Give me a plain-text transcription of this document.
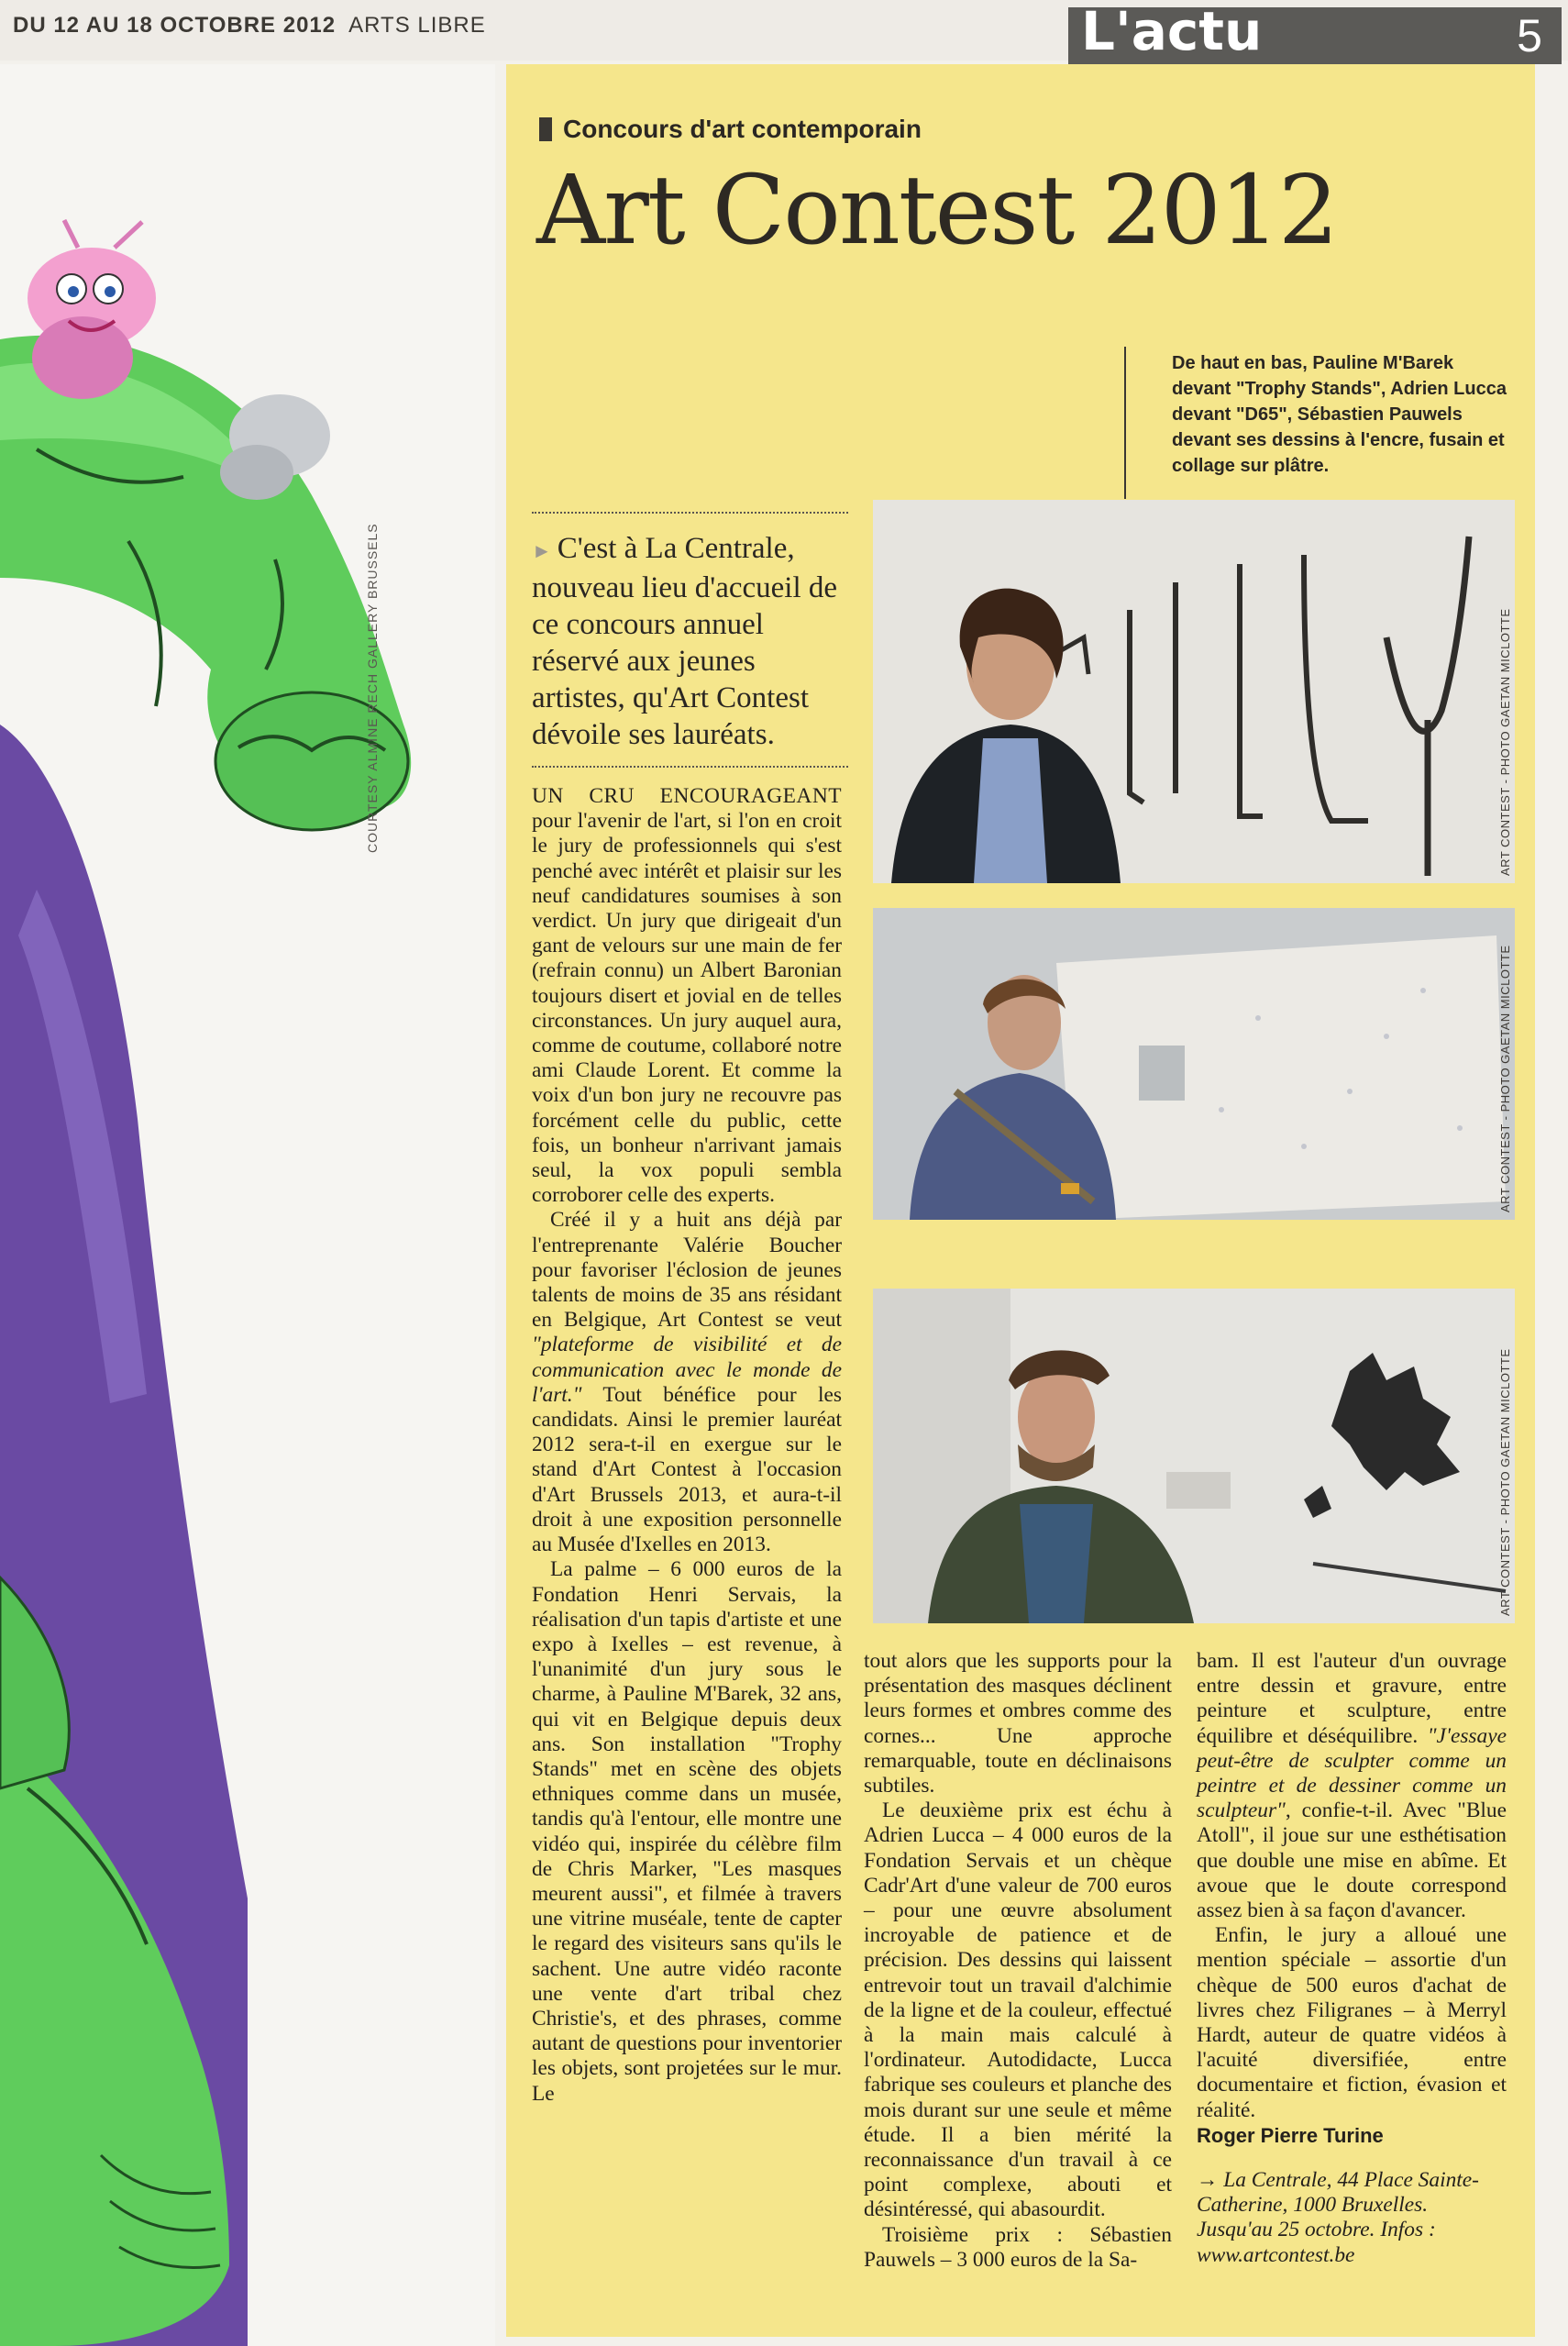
DU 12 AU 18 OCTOBRE 2012 ARTS LIBRE	L'actu	5
COURTESY ALMINE RECH GALLERY BRUSSELS
Concours d'art contemporain
Art Contest 2012
De haut en bas, Pauline M'Barek devant "Trophy Stands", Adrien Lucca devant "D65", Sébastien Pauwels devant ses dessins à l'encre, fusain et collage sur plâtre.

► C'est à La Centrale, nouveau lieu d'accueil de ce concours annuel réservé aux jeunes artistes, qu'Art Contest dévoile ses lauréats.	ART CONTEST - PHOTO GAETAN MICLOTTE
ART CONTEST - PHOTO GAETAN MICLOTTE
ART CONTEST - PHOTO GAETAN MICLOTTE

UN CRU ENCOURAGEANT pour l'avenir de l'art, si l'on en croit le jury de professionnels qui s'est penché avec intérêt et plaisir sur les neuf candidatures soumises à son verdict. Un jury que dirigeait d'un gant de velours sur une main de fer (refrain connu) un Albert Baronian toujours disert et jovial en de telles circonstances. Un jury auquel aura, comme de coutume, collaboré notre ami Claude Lorent. Et comme la voix d'un bon jury ne recouvre pas forcément celle du public, cette fois, un bonheur n'arrivant jamais seul, la vox populi sembla corroborer celle des experts.

Créé il y a huit ans déjà par l'entreprenante Valérie Boucher pour favoriser l'éclosion de jeunes talents de moins de 35 ans résidant en Belgique, Art Contest se veut "plateforme de visibilité et de communication avec le monde de l'art." Tout bénéfice pour les candidats. Ainsi le premier lauréat 2012 sera-t-il en exergue sur le stand d'Art Contest à l'occasion d'Art Brussels 2013, et aura-t-il droit à une exposition personnelle au Musée d'Ixelles en 2013.

La palme – 6 000 euros de la Fondation Henri Servais, la réalisation d'un tapis d'artiste et une expo à Ixelles – est revenue, à l'unanimité d'un jury sous le charme, à Pauline M'Barek, 32 ans, qui vit en Belgique depuis deux ans. Son installation "Trophy Stands" met en scène des objets ethniques comme dans un musée, tandis qu'à l'entour, elle montre une vidéo qui, inspirée du célèbre film de Chris Marker, "Les masques meurent aussi", et filmée à travers une vitrine muséale, tente de capter le regard des visiteurs sans qu'ils le sachent. Une autre vidéo raconte une vente d'art tribal chez Christie's, et des phrases, comme autant de questions pour inventorier les objets, sont projetées sur le mur. Le

tout alors que les supports pour la présentation des masques déclinent leurs formes et ombres comme des cornes... Une approche remarquable, toute en déclinaisons subtiles.

Le deuxième prix est échu à Adrien Lucca – 4 000 euros de la Fondation Servais et un chèque Cadr'Art d'une valeur de 700 euros – pour une œuvre absolument incroyable de patience et de précision. Des dessins qui laissent entrevoir tout un travail d'alchimie de la ligne et de la couleur, effectué à la main mais calculé à l'ordinateur. Autodidacte, Lucca fabrique ses couleurs et planche des mois durant sur une seule et même étude. Il a bien mérité la reconnaissance d'un travail à ce point complexe, abouti et désintéressé, qui abasourdit.

Troisième prix : Sébastien Pauwels – 3 000 euros de la Sa-

bam. Il est l'auteur d'un ouvrage entre dessin et gravure, entre peinture et sculpture, entre équilibre et déséquilibre. "J'essaye peut-être de sculpter comme un peintre et de dessiner comme un sculpteur", confie-t-il. Avec "Blue Atoll", il joue sur une esthétisation que double une mise en abîme. Et avoue que le doute correspond assez bien à sa façon d'avancer.

Enfin, le jury a alloué une mention spéciale – assortie d'un chèque de 500 euros d'achat de livres chez Filigranes – à Merryl Hardt, auteur de quatre vidéos à l'acuité diversifiée, entre documentaire et fiction, évasion et réalité.

Roger Pierre Turine

→ La Centrale, 44 Place Sainte-Catherine, 1000 Bruxelles. Jusqu'au 25 octobre. Infos : www.artcontest.be
